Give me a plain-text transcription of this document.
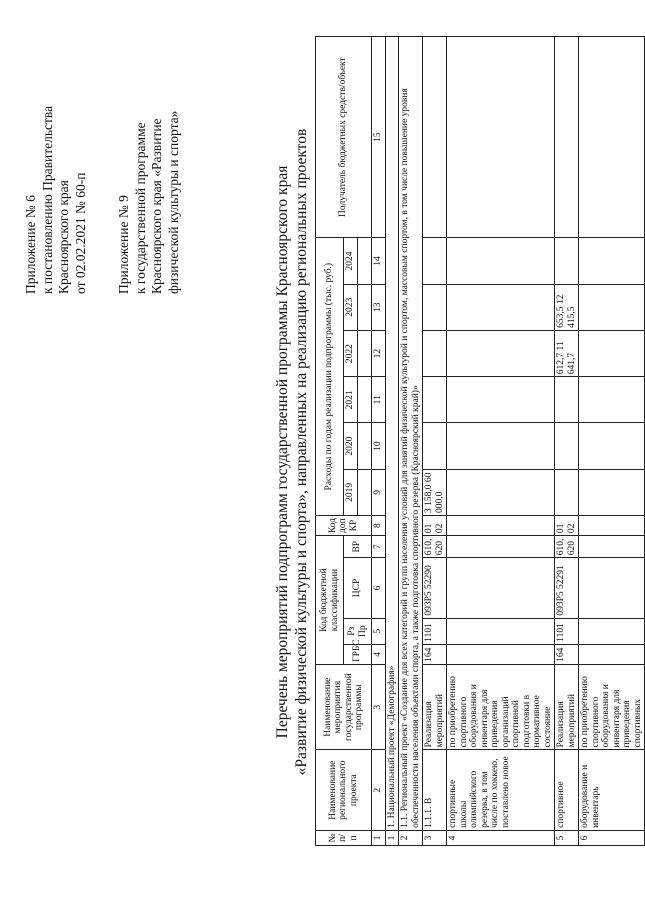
Приложение № 6 к постановлению Правительства Красноярского края от 02.02.2021 № 60-п Приложение № 9 к государственной программе Красноярского края «Развитие физической культуры и спорта»	Перечень мероприятий подпрограмм государственной программы Красноярского края «Развитие физической культуры и спорта», направленных на реализацию региональных проектов
№ п/п	Наименование регионального проекта	Наименование мероприятия государственной программы	Код бюджетной классификации				Код доп КР	Расходы по годам реализации подпрограммы (тыс. руб.)						Получатель бюджетных средств/объект
			ГРБС	Рз Пр	ЦСР	ВР		2019	2020	2021	2022	2023	2024	

1	2	3	4	5	6	7	8	9	10	11	12	13	14	15
1	1. Национальный проект «Демография»													
2	1.1. Региональный проект «Создание для всех категорий и групп населения условий для занятий физической культурой и спортом, массовым спортом, в том числе повышение уровня обеспеченности населения объектами спорта, а также подготовка спортивного резерва (Красноярский край)»													
3	1.1.1. В	Реализация мероприятий	164	1101	093Р5 52290	610, 620	01 02	3 158,0 60 000,0						
4	спортивные школы олимпийского резерва, в том числе по хоккею, поставлено новое	по приобретению спортивного оборудования и инвентаря для приведения организаций спортивной подготовки в нормативное состояние												
5	спортивное	Реализация мероприятий	164	1101	093Р5 52291	610, 620	01 02				612,7 11 641,7	653,5 12 415,5		
6	оборудование и инвентарь	по приобретению спортивного оборудования и инвентаря для приведения спортивных												
